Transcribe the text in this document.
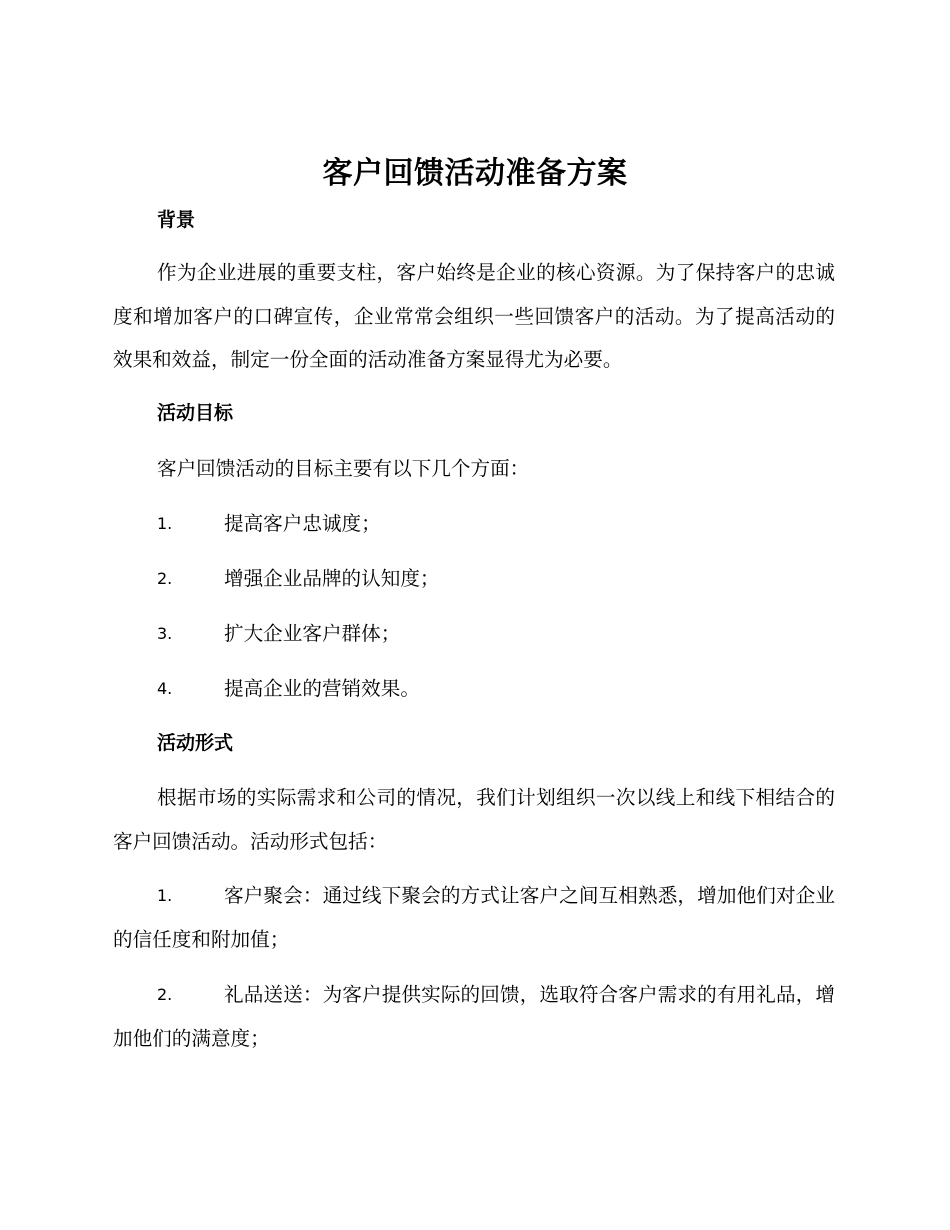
客户回馈活动准备方案
背景

作为企业进展的重要支柱，客户始终是企业的核心资源。为了保持客户的忠诚度和增加客户的口碑宣传，企业常常会组织一些回馈客户的活动。为了提高活动的效果和效益，制定一份全面的活动准备方案显得尤为必要。

活动目标

客户回馈活动的目标主要有以下几个方面：

1.	提高客户忠诚度；
2.	增强企业品牌的认知度；
3.	扩大企业客户群体；
4.	提高企业的营销效果。
活动形式

根据市场的实际需求和公司的情况，我们计划组织一次以线上和线下相结合的客户回馈活动。活动形式包括：

1.	客户聚会：通过线下聚会的方式让客户之间互相熟悉，增加他们对企业的信任度和附加值；
2.	礼品送送：为客户提供实际的回馈，选取符合客户需求的有用礼品，增加他们的满意度；
